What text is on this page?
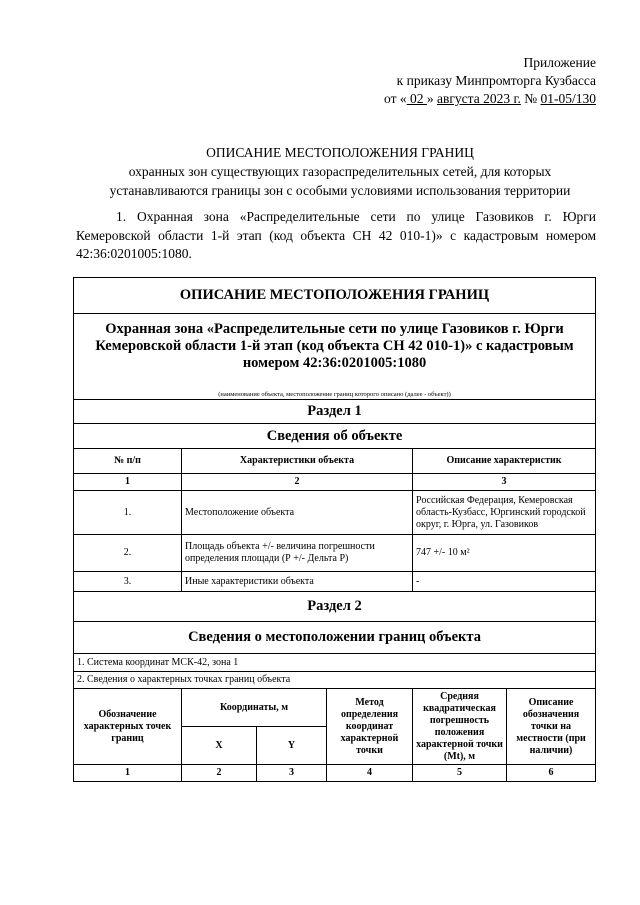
Приложение
к приказу Минпромторга Кузбасса
от « 02 » августа 2023 г. № 01-05/130
ОПИСАНИЕ МЕСТОПОЛОЖЕНИЯ ГРАНИЦ
охранных зон существующих газораспределительных сетей, для которых
устанавливаются границы зон с особыми условиями использования территории
1. Охранная зона «Распределительные сети по улице Газовиков г. Юрги Кемеровской области 1-й этап (код объекта СН 42 010-1)» с кадастровым номером 42:36:0201005:1080.
ОПИСАНИЕ МЕСТОПОЛОЖЕНИЯ ГРАНИЦ					
Охранная зона «Распределительные сети по улице Газовиков г. Юрги Кемеровской области 1-й этап (код объекта СН 42 010-1)» с кадастровым номером 42:36:0201005:1080					
(наименование объекта, местоположение границ которого описано (далее - объект))					
Раздел 1					
Сведения об объекте					
№ п/п	Характеристики объекта			Описание характеристик	
1	2			3	
1.	Местоположение объекта			Российская Федерация, Кемеровская область-Кузбасс, Юргинский городской округ, г. Юрга, ул. Газовиков	
2.	Площадь объекта +/- величина погрешности определения площади (Р +/- Дельта Р)			747 +/- 10 м²	
3.	Иные характеристики объекта			-	
Раздел 2					
Сведения о местоположении границ объекта					
1. Система координат МСК-42, зона 1					
2. Сведения о характерных точках границ объекта					
Обозначение характерных точек границ	Координаты, м		Метод определения координат характерной точки	Средняя квадратическая погрешность положения характерной точки (Mt), м	Описание обозначения точки на местности (при наличии)
	X	Y			
1	2	3	4	5	6
